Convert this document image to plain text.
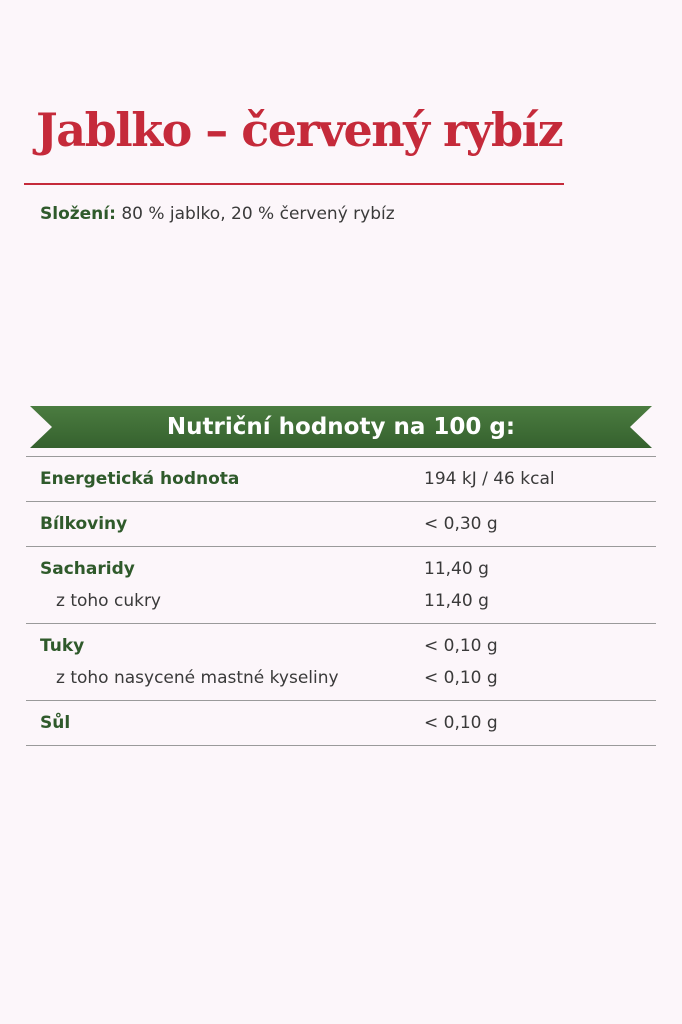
Jablko – červený rybíz
Složení: 80 % jablko, 20 % červený rybíz
Nutriční hodnoty na 100 g:
Energetická hodnota	194 kJ / 46 kcal
Bílkoviny	< 0,30 g
Sacharidy	11,40 g
z toho cukry	11,40 g
Tuky	< 0,10 g
z toho nasycené mastné kyseliny	< 0,10 g
Sůl	< 0,10 g
